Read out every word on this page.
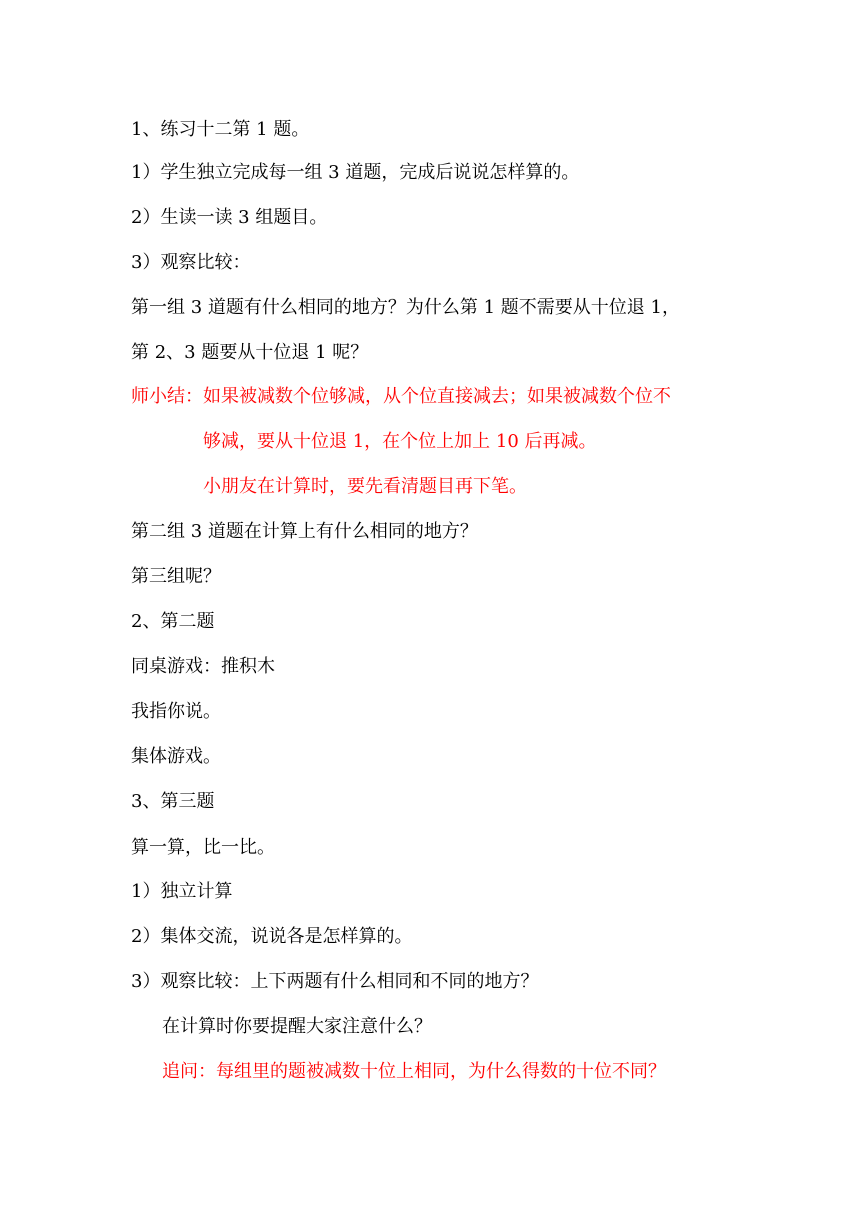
1、练习十二第 1 题。
1）学生独立完成每一组 3 道题，完成后说说怎样算的。
2）生读一读 3 组题目。
3）观察比较：
第一组 3 道题有什么相同的地方？为什么第 1 题不需要从十位退 1，
第 2、3 题要从十位退 1 呢？
师小结：如果被减数个位够减，从个位直接减去；如果被减数个位不
够减，要从十位退 1，在个位上加上 10 后再减。
小朋友在计算时，要先看清题目再下笔。
第二组 3 道题在计算上有什么相同的地方？
第三组呢？
2、第二题
同桌游戏：推积木
我指你说。
集体游戏。
3、第三题
算一算，比一比。
1）独立计算
2）集体交流，说说各是怎样算的。
3）观察比较：上下两题有什么相同和不同的地方？
在计算时你要提醒大家注意什么？
追问：每组里的题被减数十位上相同，为什么得数的十位不同？
